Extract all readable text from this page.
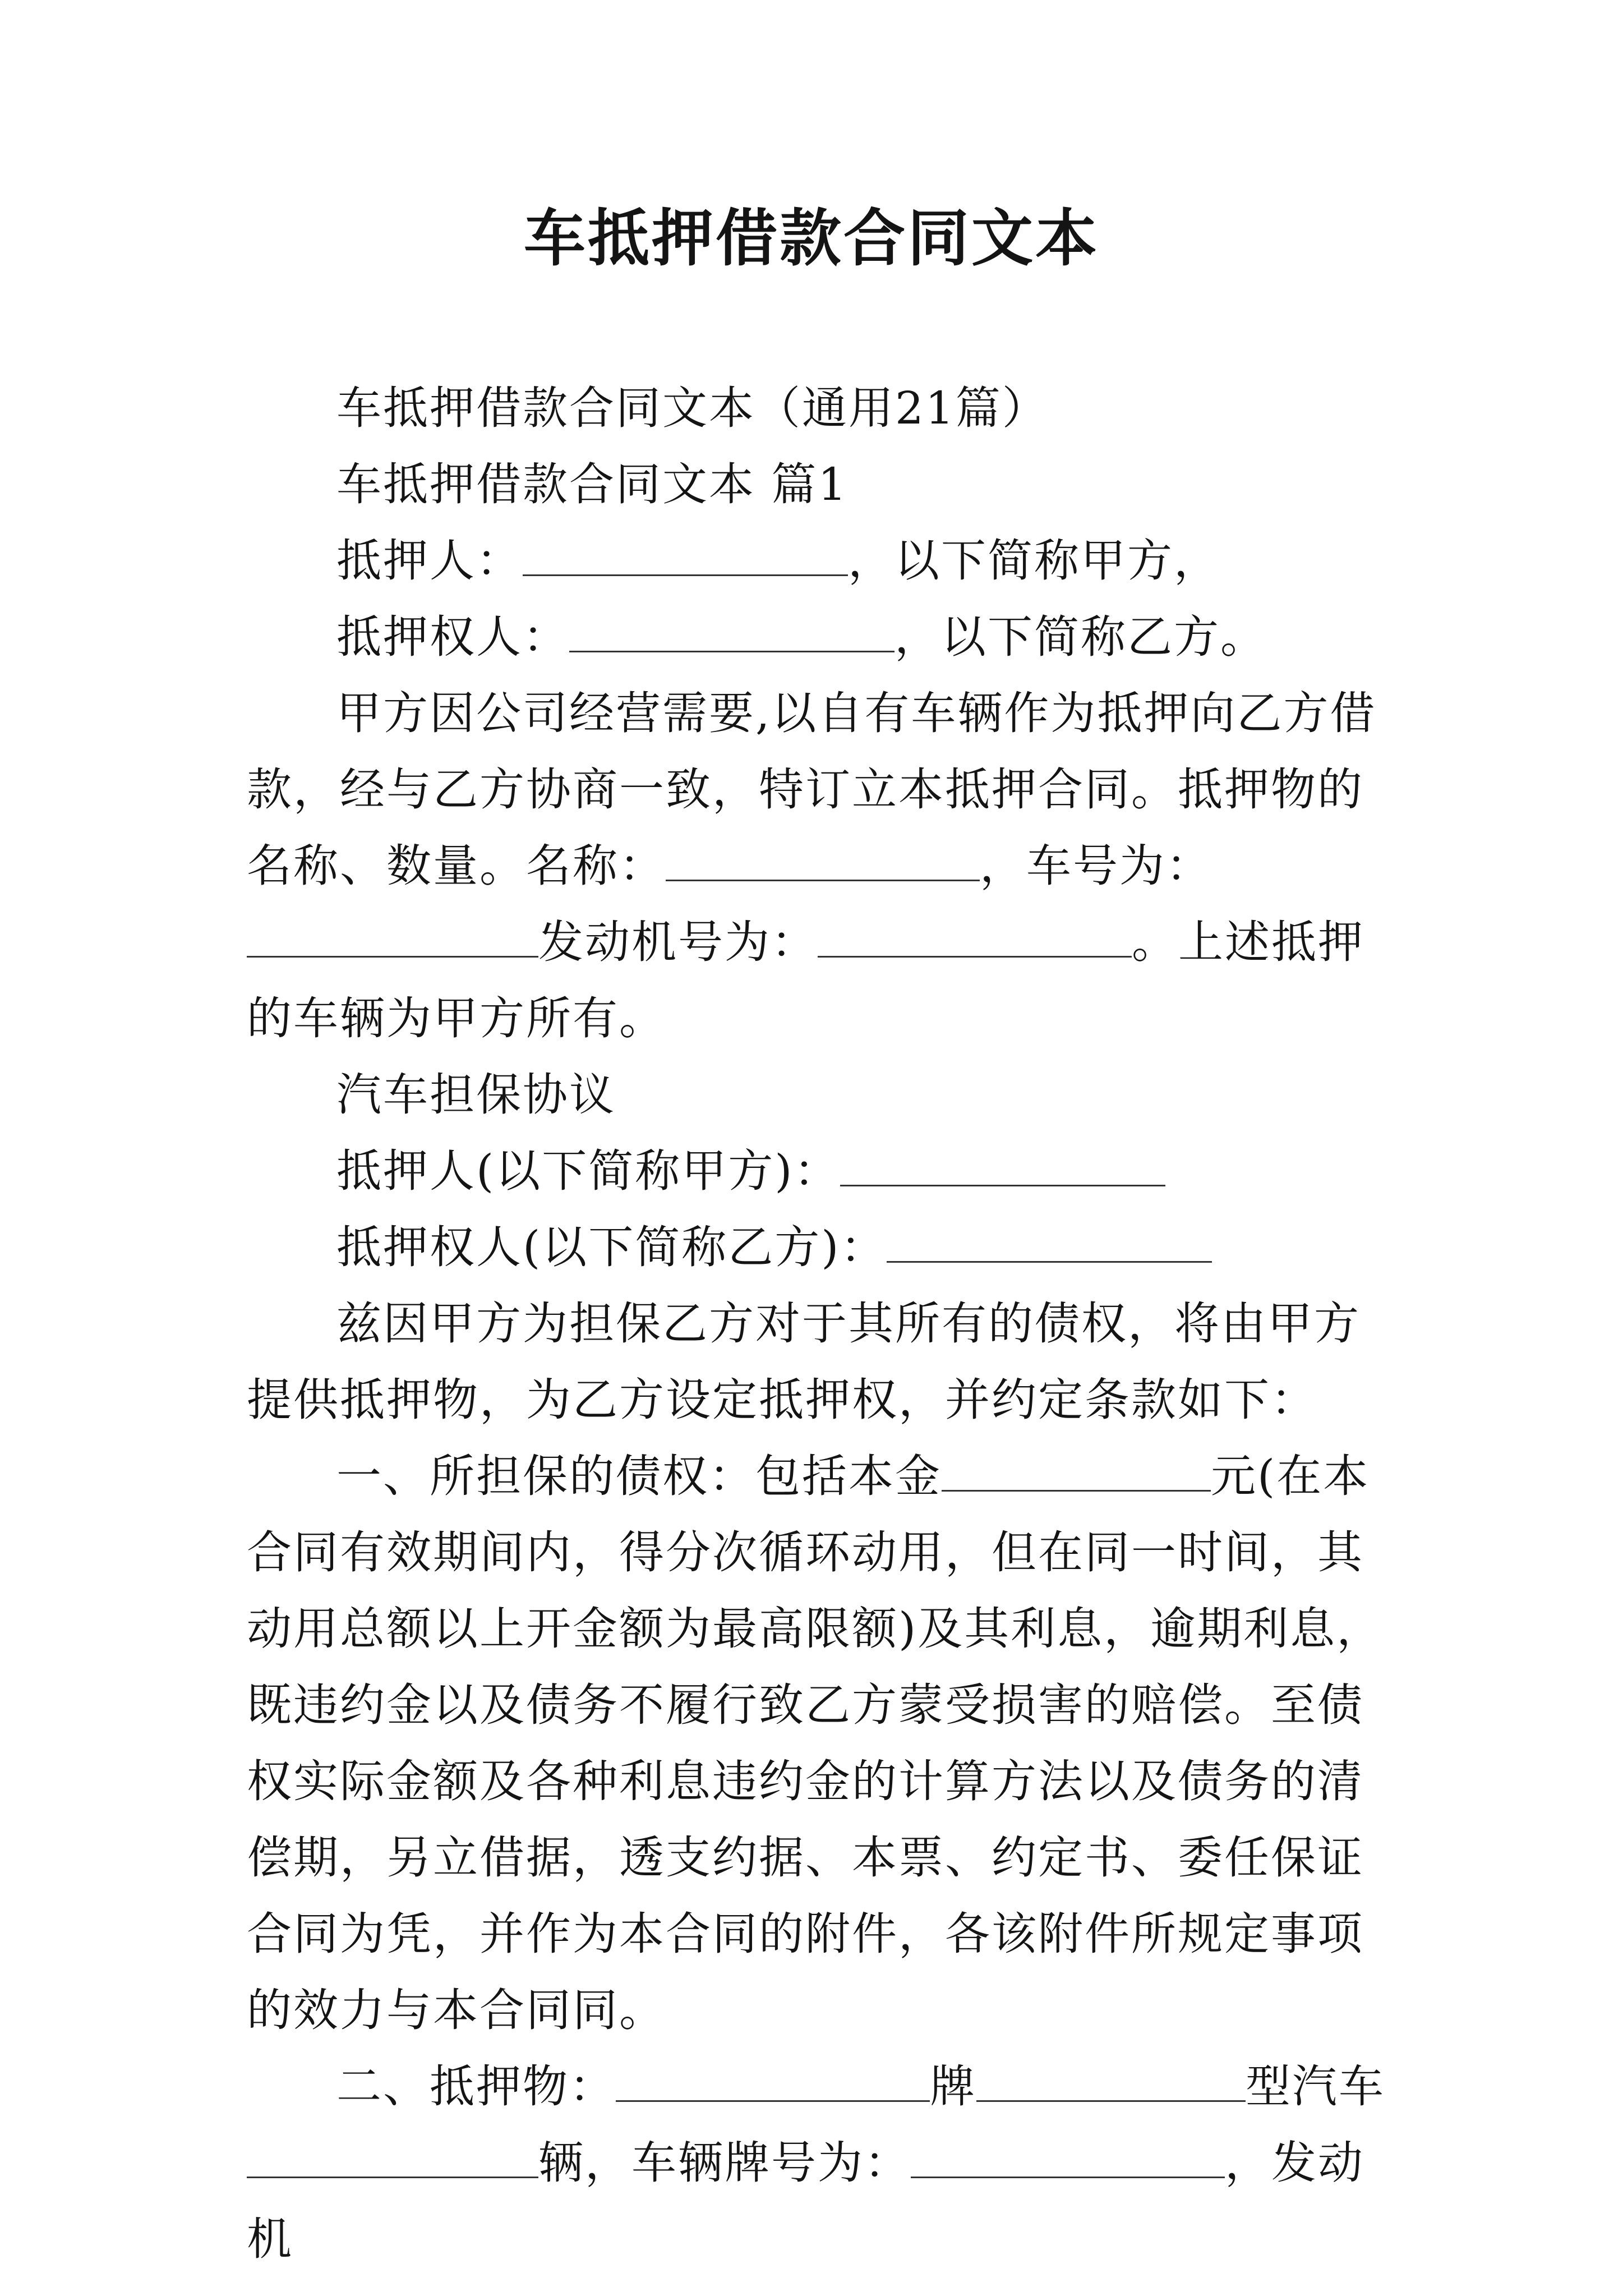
车抵押借款合同文本

车抵押借款合同文本（通用21篇）

车抵押借款合同文本 篇1

抵押人：	，以下简称甲方，

抵押权人：	，以下简称乙方。

甲方因公司经营需要,以自有车辆作为抵押向乙方借款，经与乙方协商一致，特订立本抵押合同。抵押物的名称、数量。名称：	，车号为：发动机号为：	。上述抵押的车辆为甲方所有。

汽车担保协议

抵押人(以下简称甲方)：

抵押权人(以下简称乙方)：

兹因甲方为担保乙方对于其所有的债权，将由甲方提供抵押物，为乙方设定抵押权，并约定条款如下：

一、所担保的债权：包括本金	元(在本合同有效期间内，得分次循环动用，但在同一时间，其动用总额以上开金额为最高限额)及其利息，逾期利息，既违约金以及债务不履行致乙方蒙受损害的赔偿。至债权实际金额及各种利息违约金的计算方法以及债务的清偿期，另立借据，透支约据、本票、约定书、委任保证合同为凭，并作为本合同的附件，各该附件所规定事项的效力与本合同同。

二、抵押物：	牌	型汽车辆，车辆牌号为：	，发动机
